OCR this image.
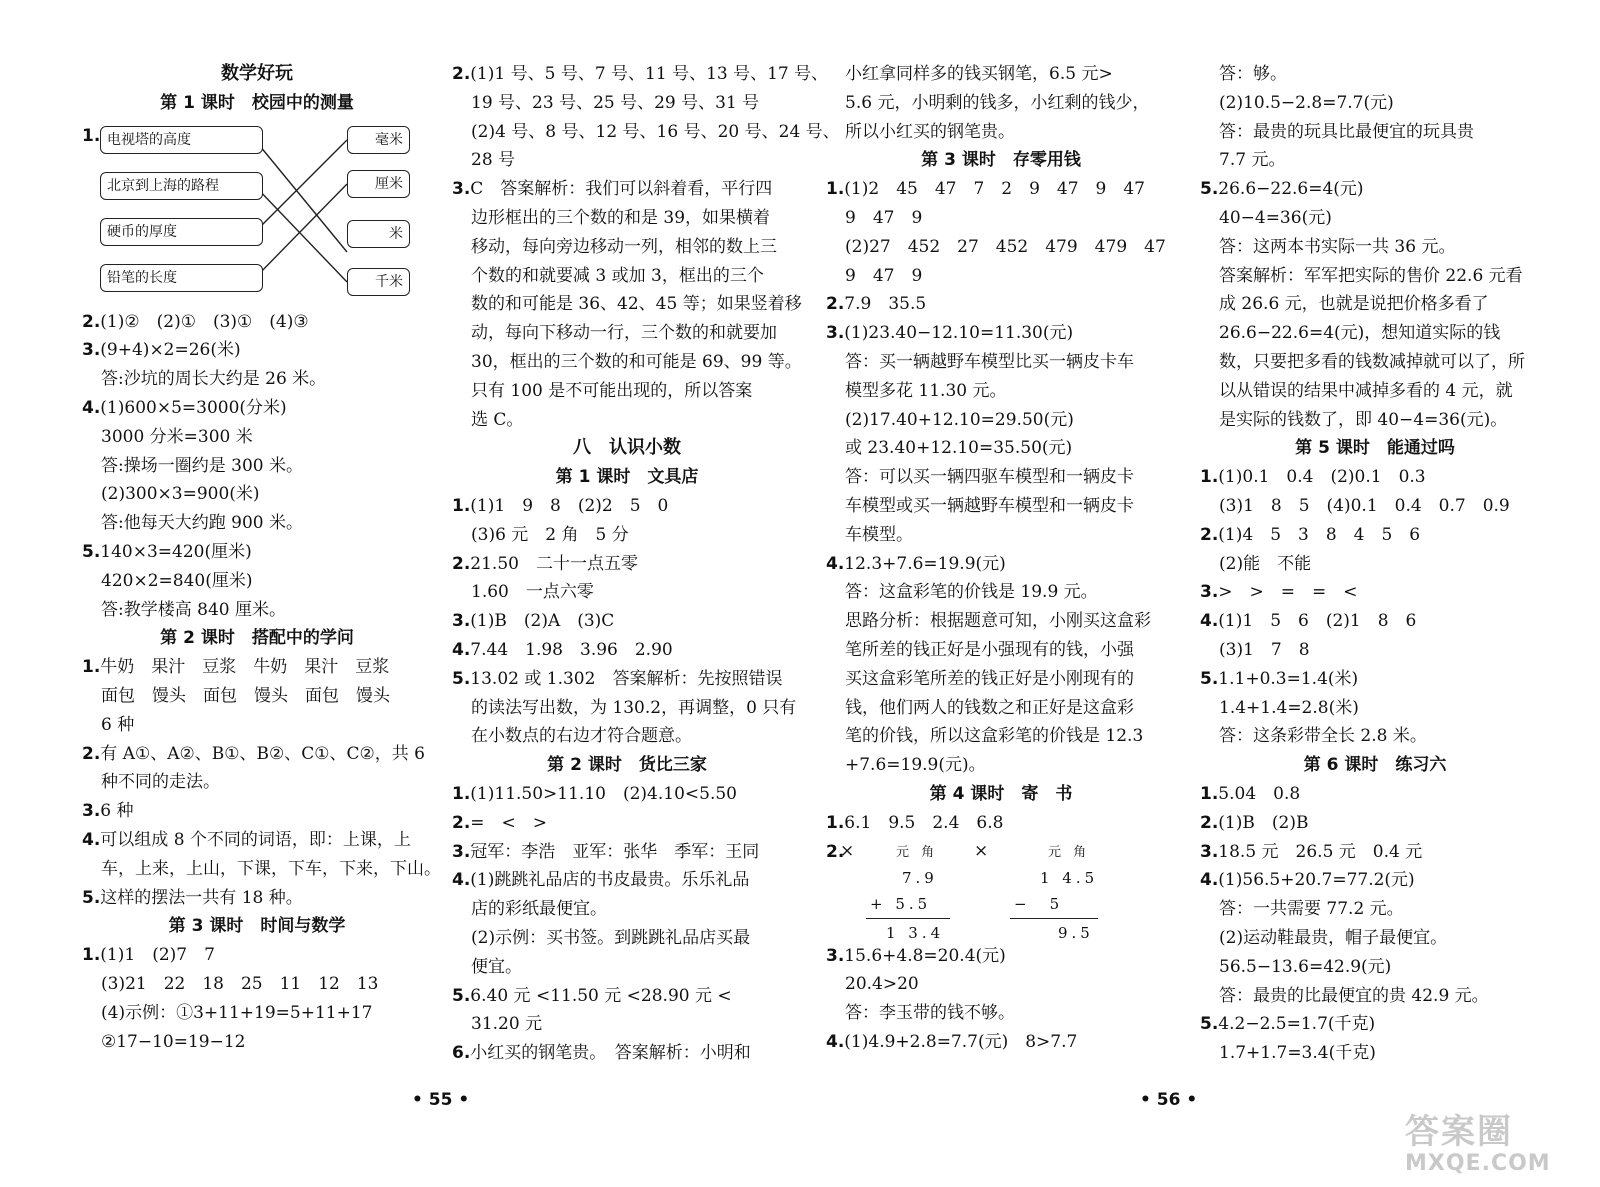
数学好玩
第 1 课时　校园中的测量
1. 电视塔的高度
北京到上海的路程
硬币的厚度
铅笔的长度
毫米
厘米
米
千米
2.(1)②　(2)①　(3)①　(4)③
3.(9+4)×2=26(米)
答:沙坑的周长大约是 26 米。
4.(1)600×5=3000(分米)
3000 分米=300 米
答:操场一圈约是 300 米。
(2)300×3=900(米)
答:他每天大约跑 900 米。
5.140×3=420(厘米)
420×2=840(厘米)
答:教学楼高 840 厘米。
第 2 课时　搭配中的学问
1.牛奶　果汁　豆浆　牛奶　果汁　豆浆
面包　馒头　面包　馒头　面包　馒头
6 种
2.有 A①、A②、B①、B②、C①、C②，共 6
种不同的走法。
3.6 种
4.可以组成 8 个不同的词语，即：上课，上
车，上来，上山，下课，下车，下来，下山。
5.这样的摆法一共有 18 种。
第 3 课时　时间与数学
1.(1)1　(2)7　7
(3)21　22　18　25　11　12　13
(4)示例：①3+11+19=5+11+17
②17−10=19−12
2.(1)1 号、5 号、7 号、11 号、13 号、17 号、
19 号、23 号、25 号、29 号、31 号
(2)4 号、8 号、12 号、16 号、20 号、24 号、
28 号
3.C　答案解析：我们可以斜着看，平行四
边形框出的三个数的和是 39，如果横着
移动，每向旁边移动一列，相邻的数上三
个数的和就要减 3 或加 3，框出的三个
数的和可能是 36、42、45 等；如果竖着移
动，每向下移动一行，三个数的和就要加
30，框出的三个数的和可能是 69、99 等。
只有 100 是不可能出现的，所以答案
选 C。
八　认识小数
第 1 课时　文具店
1.(1)1　9　8　(2)2　5　0
(3)6 元　2 角　5 分
2.21.50　二十一点五零
1.60　一点六零
3.(1)B　(2)A　(3)C
4.7.44　1.98　3.96　2.90
5.13.02 或 1.302　答案解析：先按照错误
的读法写出数，为 130.2，再调整，0 只有
在小数点的右边才符合题意。
第 2 课时　货比三家
1.(1)11.50>11.10　(2)4.10<5.50
2.=　<　>
3.冠军：李浩　亚军：张华　季军：王同
4.(1)跳跳礼品店的书皮最贵。乐乐礼品
店的彩纸最便宜。
(2)示例：买书签。到跳跳礼品店买最
便宜。
5.6.40 元 <11.50 元 <28.90 元 <
31.20 元
6.小红买的钢笔贵。　答案解析：小明和
小红拿同样多的钱买钢笔，6.5 元>
5.6 元，小明剩的钱多，小红剩的钱少，
所以小红买的钢笔贵。
第 3 课时　存零用钱
1.(1)2　45　47　7　2　9　47　9　47
9　47　9
(2)27　452　27　452　479　479　47
9　47　9
2.7.9　35.5
3.(1)23.40−12.10=11.30(元)
答：买一辆越野车模型比买一辆皮卡车
模型多花 11.30 元。
(2)17.40+12.10=29.50(元)
或 23.40+12.10=35.50(元)
答：可以买一辆四驱车模型和一辆皮卡
车模型或买一辆越野车模型和一辆皮卡
车模型。
4.12.3+7.6=19.9(元)
答：这盒彩笔的价钱是 19.9 元。
思路分析：根据题意可知，小刚买这盒彩
笔所差的钱正好是小强现有的钱，小强
买这盒彩笔所差的钱正好是小刚现有的
钱，他们两人的钱数之和正好是这盒彩
笔的价钱，所以这盒彩笔的价钱是 12.3
+7.6=19.9(元)。
第 4 课时　寄　书
1.6.1　9.5　2.4　6.8
2.
×	×
元 角
7.9
+ 5.5
1 3.4
元 角
1 4.5
−　5
9.5
3.15.6+4.8=20.4(元)
20.4>20
答：李玉带的钱不够。
4.(1)4.9+2.8=7.7(元)　8>7.7
答：够。
(2)10.5−2.8=7.7(元)
答：最贵的玩具比最便宜的玩具贵
7.7 元。
5.26.6−22.6=4(元)
40−4=36(元)
答：这两本书实际一共 36 元。
答案解析：军军把实际的售价 22.6 元看
成 26.6 元，也就是说把价格多看了
26.6−22.6=4(元)，想知道实际的钱
数，只要把多看的钱数减掉就可以了，所
以从错误的结果中减掉多看的 4 元，就
是实际的钱数了，即 40−4=36(元)。
第 5 课时　能通过吗
1.(1)0.1　0.4　(2)0.1　0.3
(3)1　8　5　(4)0.1　0.4　0.7　0.9
2.(1)4　5　3　8　4　5　6
(2)能　不能
3.>　>　=　=　<
4.(1)1　5　6　(2)1　8　6
(3)1　7　8
5.1.1+0.3=1.4(米)
1.4+1.4=2.8(米)
答：这条彩带全长 2.8 米。
第 6 课时　练习六
1.5.04　0.8
2.(1)B　(2)B
3.18.5 元　26.5 元　0.4 元
4.(1)56.5+20.7=77.2(元)
答：一共需要 77.2 元。
(2)运动鞋最贵，帽子最便宜。
56.5−13.6=42.9(元)
答：最贵的比最便宜的贵 42.9 元。
5.4.2−2.5=1.7(千克)
1.7+1.7=3.4(千克)
• 55 •	• 56 •
答案圈
MXQE.COM
